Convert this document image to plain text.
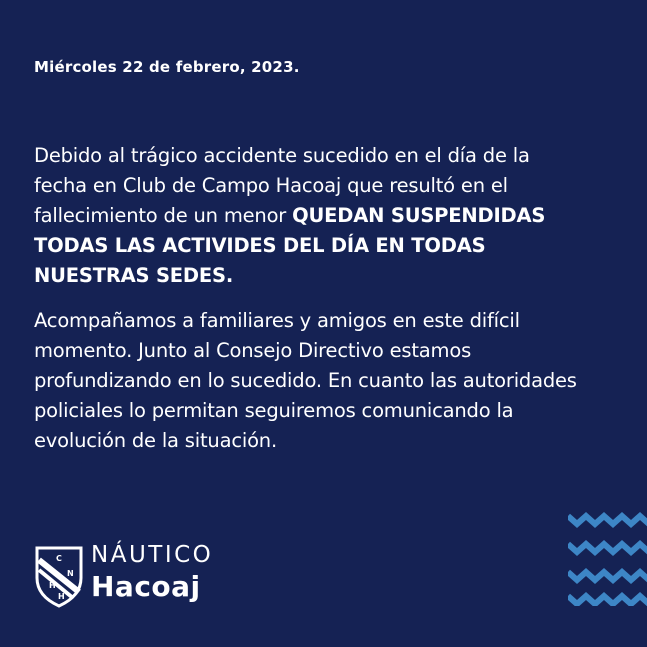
Miércoles 22 de febrero, 2023.

Debido al trágico accidente sucedido en el día de la
fecha en Club de Campo Hacoaj que resultó en el
fallecimiento de un menor QUEDAN SUSPENDIDAS
TODAS LAS ACTIVIDES DEL DÍA EN TODAS
NUESTRAS SEDES.

Acompañamos a familiares y amigos en este difícil
momento. Junto al Consejo Directivo estamos
profundizando en lo sucedido. En cuanto las autoridades
policiales lo permitan seguiremos comunicando la
evolución de la situación.

C
N
H
H
NÁUTICO
Hacoaj
